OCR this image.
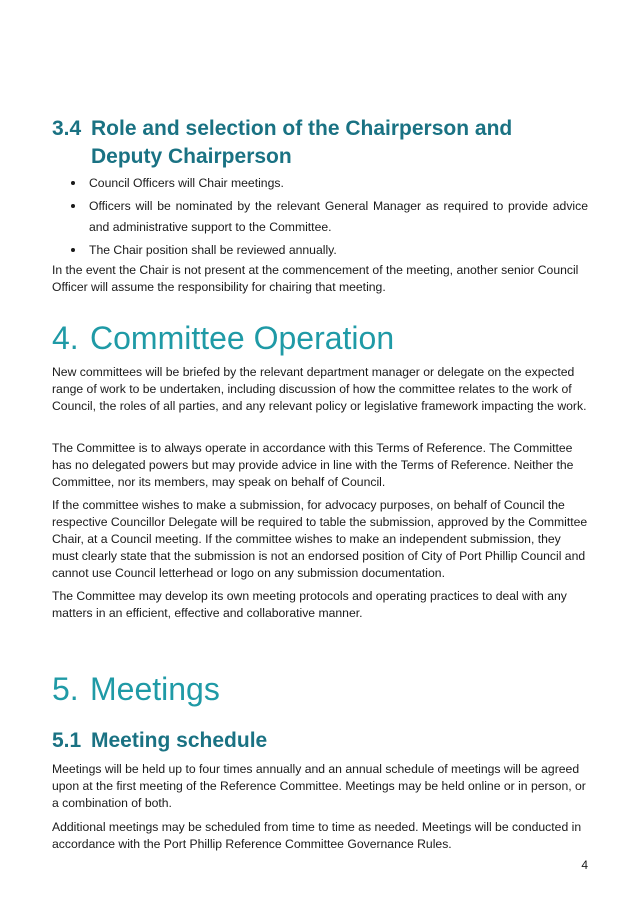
3.4 Role and selection of the Chairperson and Deputy Chairperson
Council Officers will Chair meetings.
Officers will be nominated by the relevant General Manager as required to provide advice and administrative support to the Committee.
The Chair position shall be reviewed annually.

In the event the Chair is not present at the commencement of the meeting, another senior Council Officer will assume the responsibility for chairing that meeting.

4. Committee Operation

New committees will be briefed by the relevant department manager or delegate on the expected range of work to be undertaken, including discussion of how the committee relates to the work of Council, the roles of all parties, and any relevant policy or legislative framework impacting the work.

The Committee is to always operate in accordance with this Terms of Reference. The Committee has no delegated powers but may provide advice in line with the Terms of Reference. Neither the Committee, nor its members, may speak on behalf of Council.

If the committee wishes to make a submission, for advocacy purposes, on behalf of Council the respective Councillor Delegate will be required to table the submission, approved by the Committee Chair, at a Council meeting. If the committee wishes to make an independent submission, they must clearly state that the submission is not an endorsed position of City of Port Phillip Council and cannot use Council letterhead or logo on any submission documentation.

The Committee may develop its own meeting protocols and operating practices to deal with any matters in an efficient, effective and collaborative manner.

5. Meetings
5.1 Meeting schedule

Meetings will be held up to four times annually and an annual schedule of meetings will be agreed upon at the first meeting of the Reference Committee. Meetings may be held online or in person, or a combination of both.

Additional meetings may be scheduled from time to time as needed. Meetings will be conducted in accordance with the Port Phillip Reference Committee Governance Rules.

4
